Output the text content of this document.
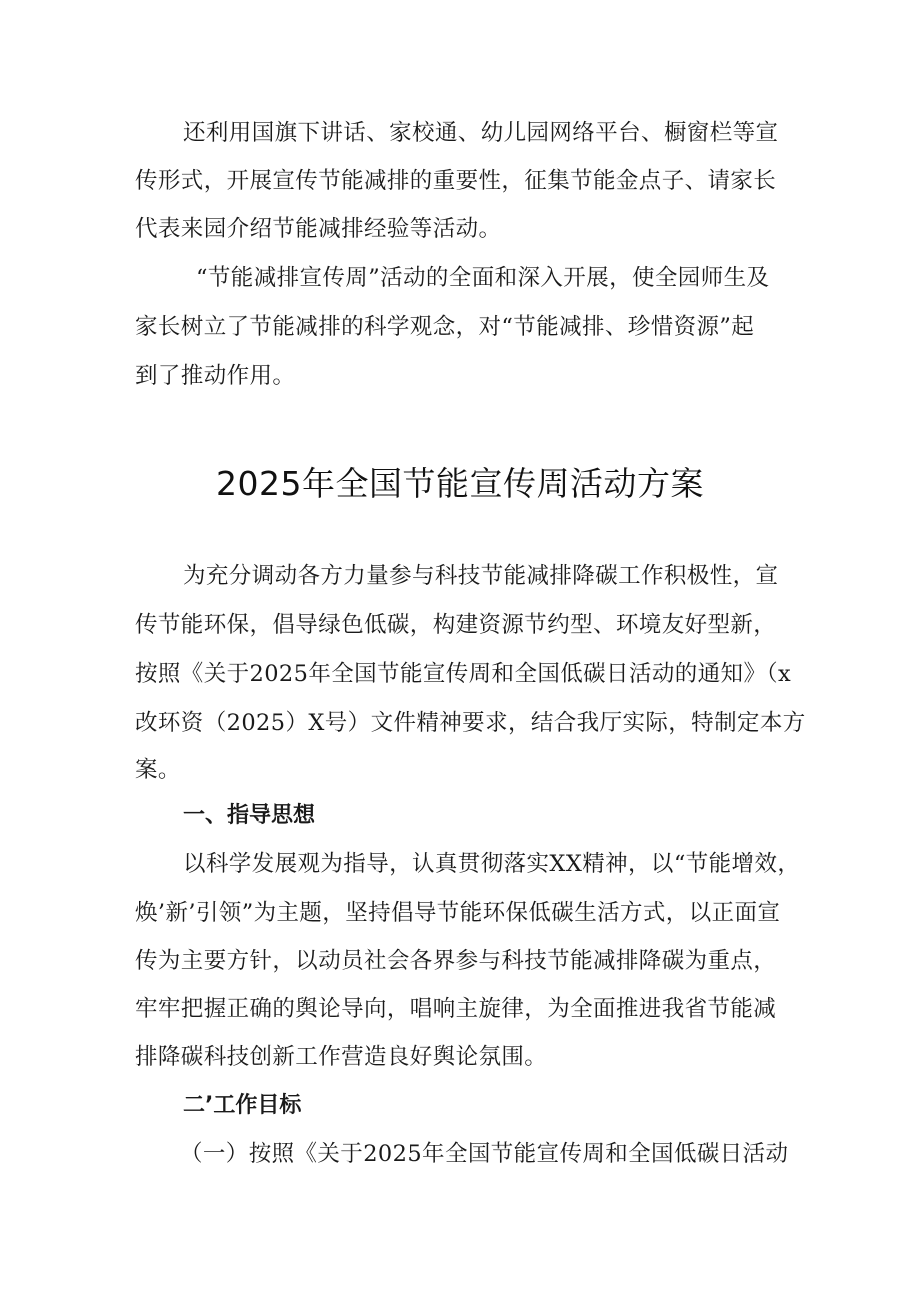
还利用国旗下讲话、家校通、幼儿园网络平台、橱窗栏等宣
传形式，开展宣传节能减排的重要性，征集节能金点子、请家长
代表来园介绍节能减排经验等活动。
“节能减排宣传周”活动的全面和深入开展，使全园师生及
家长树立了节能减排的科学观念，对“节能减排、珍惜资源”起
到了推动作用。
2025年全国节能宣传周活动方案
为充分调动各方力量参与科技节能减排降碳工作积极性，宣
传节能环保，倡导绿色低碳，构建资源节约型、环境友好型新，
按照《关于2025年全国节能宣传周和全国低碳日活动的通知》（x
改环资（2025）X号）文件精神要求，结合我厅实际，特制定本方
案。
一、指导思想
以科学发展观为指导，认真贯彻落实XX精神，以“节能增效，
焕’新’引领”为主题，坚持倡导节能环保低碳生活方式，以正面宣
传为主要方针，以动员社会各界参与科技节能减排降碳为重点，
牢牢把握正确的舆论导向，唱响主旋律，为全面推进我省节能减
排降碳科技创新工作营造良好舆论氛围。
二’工作目标
（一）按照《关于2025年全国节能宣传周和全国低碳日活动
